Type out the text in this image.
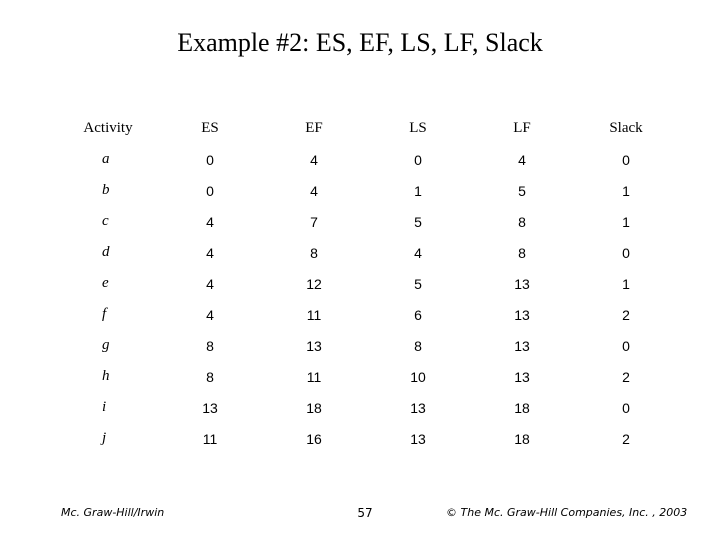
Example #2: ES, EF, LS, LF, Slack
Activity	ES	EF	LS	LF	Slack
a	0	4	0	4	0
b	0	4	1	5	1
c	4	7	5	8	1
d	4	8	4	8	0
e	4	12	5	13	1
f	4	11	6	13	2
g	8	13	8	13	0
h	8	11	10	13	2
i	13	18	13	18	0
j	11	16	13	18	2
Mc. Graw-Hill/Irwin	57	© The Mc. Graw-Hill Companies, Inc. , 2003
